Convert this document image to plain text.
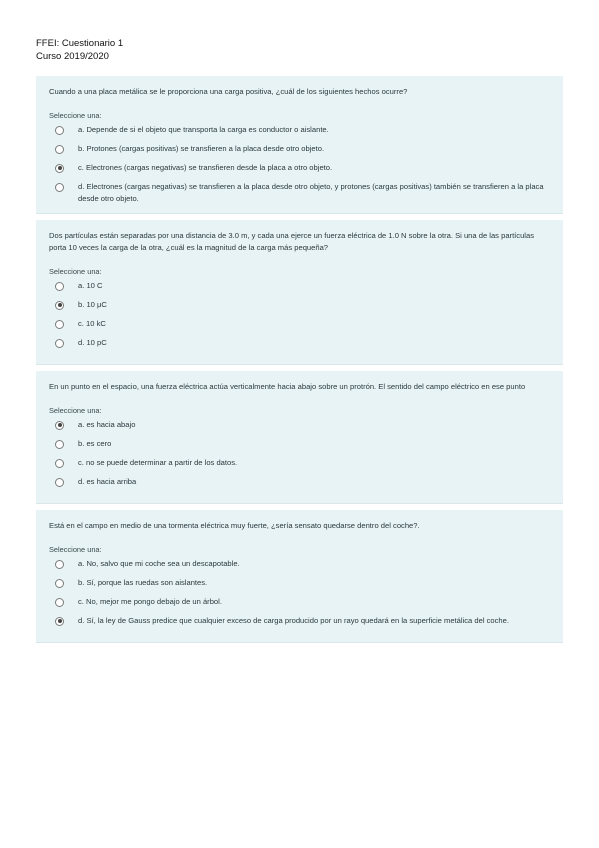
FFEI: Cuestionario 1
Curso 2019/2020
Cuando a una placa metálica se le proporciona una carga positiva, ¿cuál de los siguientes hechos ocurre?
Seleccione una:
a. Depende de si el objeto que transporta la carga es conductor o aislante.
b. Protones (cargas positivas) se transfieren a la placa desde otro objeto.
c. Electrones (cargas negativas) se transfieren desde la placa a otro objeto.
d. Electrones (cargas negativas) se transfieren a la placa desde otro objeto, y protones (cargas positivas) también se transfieren a la placa desde otro objeto.
Dos partículas están separadas por una distancia de 3.0 m, y cada una ejerce un fuerza eléctrica de 1.0 N sobre la otra. Si una de las partículas porta 10 veces la carga de la otra, ¿cuál es la magnitud de la carga más pequeña?
Seleccione una:
a. 10 C
b. 10 μC
c. 10 kC
d. 10 pC
En un punto en el espacio, una fuerza eléctrica actúa verticalmente hacia abajo sobre un protrón. El sentido del campo eléctrico en ese punto
Seleccione una:
a. es hacia abajo
b. es cero
c. no se puede determinar a partir de los datos.
d. es hacia arriba
Está en el campo en medio de una tormenta eléctrica muy fuerte, ¿sería sensato quedarse dentro del coche?.
Seleccione una:
a. No, salvo que mi coche sea un descapotable.
b. Sí, porque las ruedas son aislantes.
c. No, mejor me pongo debajo de un árbol.
d. Sí, la ley de Gauss predice que cualquier exceso de carga producido por un rayo quedará en la superficie metálica del coche.
